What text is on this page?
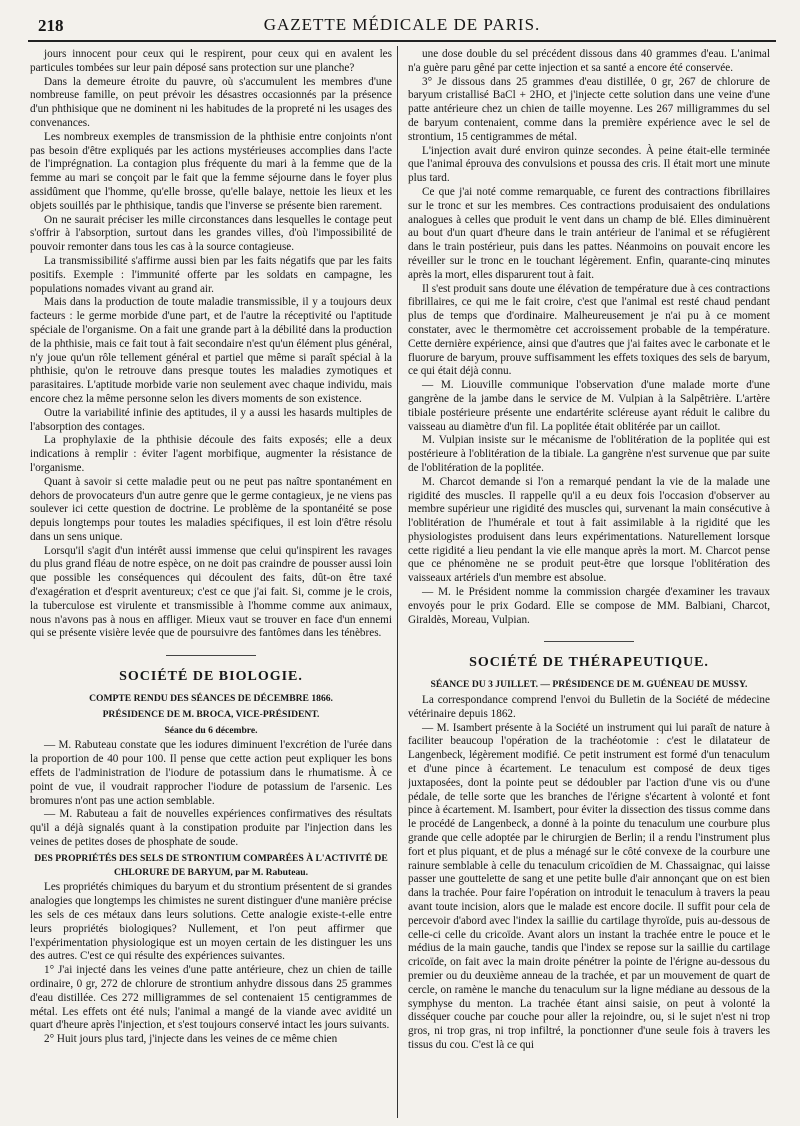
218	GAZETTE MÉDICALE DE PARIS.

jours innocent pour ceux qui le respirent, pour ceux qui en avalent les particules tombées sur leur pain déposé sans protection sur une planche?

Dans la demeure étroite du pauvre, où s'accumulent les membres d'une nombreuse famille, on peut prévoir les désastres occasionnés par la présence d'un phthisique que ne dominent ni les habitudes de la propreté ni les usages des convenances.

Les nombreux exemples de transmission de la phthisie entre conjoints n'ont pas besoin d'être expliqués par les actions mystérieuses accomplies dans l'acte de l'imprégnation. La contagion plus fréquente du mari à la femme que de la femme au mari se conçoit par le fait que la femme séjourne dans le foyer plus assidûment que l'homme, qu'elle brosse, qu'elle balaye, nettoie les lieux et les objets souillés par le phthisique, tandis que l'inverse se présente bien rarement.

On ne saurait préciser les mille circonstances dans lesquelles le contage peut s'offrir à l'absorption, surtout dans les grandes villes, d'où l'impossibilité de pouvoir remonter dans tous les cas à la source contagieuse.

La transmissibilité s'affirme aussi bien par les faits négatifs que par les faits positifs. Exemple : l'immunité offerte par les soldats en campagne, les populations nomades vivant au grand air.

Mais dans la production de toute maladie transmissible, il y a toujours deux facteurs : le germe morbide d'une part, et de l'autre la réceptivité ou l'aptitude spéciale de l'organisme. On a fait une grande part à la débilité dans la production de la phthisie, mais ce fait tout à fait secondaire n'est qu'un élément plus général, n'y joue qu'un rôle tellement général et partiel que même si paraît spécial à la phthisie, qu'on le retrouve dans presque toutes les maladies zymotiques et parasitaires. L'aptitude morbide varie non seulement avec chaque individu, mais encore chez la même personne selon les divers moments de son existence.

Outre la variabilité infinie des aptitudes, il y a aussi les hasards multiples de l'absorption des contages.

La prophylaxie de la phthisie découle des faits exposés; elle a deux indications à remplir : éviter l'agent morbifique, augmenter la résistance de l'organisme.

Quant à savoir si cette maladie peut ou ne peut pas naître spontanément en dehors de provocateurs d'un autre genre que le germe contagieux, je ne viens pas soulever ici cette question de doctrine. Le problème de la spontanéité se pose depuis longtemps pour toutes les maladies spécifiques, il est loin d'être résolu dans un sens unique.

Lorsqu'il s'agit d'un intérêt aussi immense que celui qu'inspirent les ravages du plus grand fléau de notre espèce, on ne doit pas craindre de pousser aussi loin que possible les conséquences qui découlent des faits, dût-on être taxé d'exagération et d'esprit aventureux; c'est ce que j'ai fait. Si, comme je le crois, la tuberculose est virulente et transmissible à l'homme comme aux animaux, nous n'avons pas à nous en affliger. Mieux vaut se trouver en face d'un ennemi qui se présente visière levée que de poursuivre des fantômes dans les ténèbres.

SOCIÉTÉ DE BIOLOGIE.
COMPTE RENDU DES SÉANCES DE DÉCEMBRE 1866.
PRÉSIDENCE DE M. BROCA, VICE-PRÉSIDENT.
Séance du 6 décembre.

— M. Rabuteau constate que les iodures diminuent l'excrétion de l'urée dans la proportion de 40 pour 100. Il pense que cette action peut expliquer les bons effets de l'administration de l'iodure de potassium dans le rhumatisme. À ce point de vue, il voudrait rapprocher l'iodure de potassium de l'arsenic. Les bromures n'ont pas une action semblable.

— M. Rabuteau a fait de nouvelles expériences confirmatives des résultats qu'il a déjà signalés quant à la constipation produite par l'injection dans les veines de petites doses de phosphate de soude.

DES PROPRIÉTÉS DES SELS DE STRONTIUM COMPARÉES À L'ACTIVITÉ DE CHLORURE DE BARYUM, par M. Rabuteau.

Les propriétés chimiques du baryum et du strontium présentent de si grandes analogies que longtemps les chimistes ne surent distinguer d'une manière précise les sels de ces métaux dans leurs solutions. Cette analogie existe-t-elle entre leurs propriétés biologiques? Nullement, et l'on peut affirmer que l'expérimentation physiologique est un moyen certain de les distinguer les uns des autres. C'est ce qui résulte des expériences suivantes.

1° J'ai injecté dans les veines d'une patte antérieure, chez un chien de taille ordinaire, 0 gr, 272 de chlorure de strontium anhydre dissous dans 25 grammes d'eau distillée. Ces 272 milligrammes de sel contenaient 15 centigrammes de métal. Les effets ont été nuls; l'animal a mangé de la viande avec avidité un quart d'heure après l'injection, et s'est toujours conservé intact les jours suivants.

2° Huit jours plus tard, j'injecte dans les veines de ce même chien

une dose double du sel précédent dissous dans 40 grammes d'eau. L'animal n'a guère paru gêné par cette injection et sa santé a encore été conservée.

3° Je dissous dans 25 grammes d'eau distillée, 0 gr, 267 de chlorure de baryum cristallisé BaCl + 2HO, et j'injecte cette solution dans une veine d'une patte antérieure chez un chien de taille moyenne. Les 267 milligrammes du sel de baryum contenaient, comme dans la première expérience avec le sel de strontium, 15 centigrammes de métal.

L'injection avait duré environ quinze secondes. À peine était-elle terminée que l'animal éprouva des convulsions et poussa des cris. Il était mort une minute plus tard.

Ce que j'ai noté comme remarquable, ce furent des contractions fibrillaires sur le tronc et sur les membres. Ces contractions produisaient des ondulations analogues à celles que produit le vent dans un champ de blé. Elles diminuèrent au bout d'un quart d'heure dans le train antérieur de l'animal et se réfugièrent dans le train postérieur, puis dans les pattes. Néanmoins on pouvait encore les réveiller sur le tronc en le touchant légèrement. Enfin, quarante-cinq minutes après la mort, elles disparurent tout à fait.

Il s'est produit sans doute une élévation de température due à ces contractions fibrillaires, ce qui me le fait croire, c'est que l'animal est resté chaud pendant plus de temps que d'ordinaire. Malheureusement je n'ai pu à ce moment constater, avec le thermomètre cet accroissement probable de la température. Cette dernière expérience, ainsi que d'autres que j'ai faites avec le carbonate et le fluorure de baryum, prouve suffisamment les effets toxiques des sels de baryum, ce qui était déjà connu.

— M. Liouville communique l'observation d'une malade morte d'une gangrène de la jambe dans le service de M. Vulpian à la Salpêtrière. L'artère tibiale postérieure présente une endartérite scléreuse ayant réduit le calibre du vaisseau au diamètre d'un fil. La poplitée était oblitérée par un caillot.

M. Vulpian insiste sur le mécanisme de l'oblitération de la poplitée qui est postérieure à l'oblitération de la tibiale. La gangrène n'est survenue que par suite de l'oblitération de la poplitée.

M. Charcot demande si l'on a remarqué pendant la vie de la malade une rigidité des muscles. Il rappelle qu'il a eu deux fois l'occasion d'observer au membre supérieur une rigidité des muscles qui, survenant la main consécutive à l'oblitération de l'humérale et tout à fait assimilable à la rigidité que les physiologistes produisent dans leurs expérimentations. Naturellement lorsque cette rigidité a lieu pendant la vie elle manque après la mort. M. Charcot pense que ce phénomène ne se produit peut-être que lorsque l'oblitération des vaisseaux artériels d'un membre est absolue.

— M. le Président nomme la commission chargée d'examiner les travaux envoyés pour le prix Godard. Elle se compose de MM. Balbiani, Charcot, Giraldès, Moreau, Vulpian.

SOCIÉTÉ DE THÉRAPEUTIQUE.
SÉANCE DU 3 JUILLET. — PRÉSIDENCE DE M. GUÉNEAU DE MUSSY.

La correspondance comprend l'envoi du Bulletin de la Société de médecine vétérinaire depuis 1862.

— M. Isambert présente à la Société un instrument qui lui paraît de nature à faciliter beaucoup l'opération de la trachéotomie : c'est le dilatateur de Langenbeck, légèrement modifié. Ce petit instrument est formé d'un tenaculum et d'une pince à écartement. Le tenaculum est composé de deux tiges juxtaposées, dont la pointe peut se dédoubler par l'action d'une vis ou d'une pédale, de telle sorte que les branches de l'érigne s'écartent à volonté et font pince à écartement. M. Isambert, pour éviter la dissection des tissus comme dans le procédé de Langenbeck, a donné à la pointe du tenaculum une courbure plus grande que celle adoptée par le chirurgien de Berlin; il a rendu l'instrument plus fort et plus piquant, et de plus a ménagé sur le côté convexe de la courbure une rainure semblable à celle du tenaculum cricoïdien de M. Chassaignac, qui laisse passer une gouttelette de sang et une petite bulle d'air annonçant que on est bien dans la trachée. Pour faire l'opération on introduit le tenaculum à travers la peau avant toute incision, alors que le malade est encore docile. Il suffit pour cela de percevoir d'abord avec l'index la saillie du cartilage thyroïde, puis au-dessous de celle-ci celle du cricoïde. Avant alors un instant la trachée entre le pouce et le médius de la main gauche, tandis que l'index se repose sur la saillie du cartilage cricoïde, on fait avec la main droite pénétrer la pointe de l'érigne au-dessous du premier ou du deuxième anneau de la trachée, et par un mouvement de quart de cercle, on ramène le manche du tenaculum sur la ligne médiane au dessous de la symphyse du menton. La trachée étant ainsi saisie, on peut à volonté la disséquer couche par couche pour aller la rejoindre, ou, si le sujet n'est ni trop gros, ni trop gras, ni trop infiltré, la ponctionner d'une seule fois à travers les tissus du cou. C'est là ce qui
